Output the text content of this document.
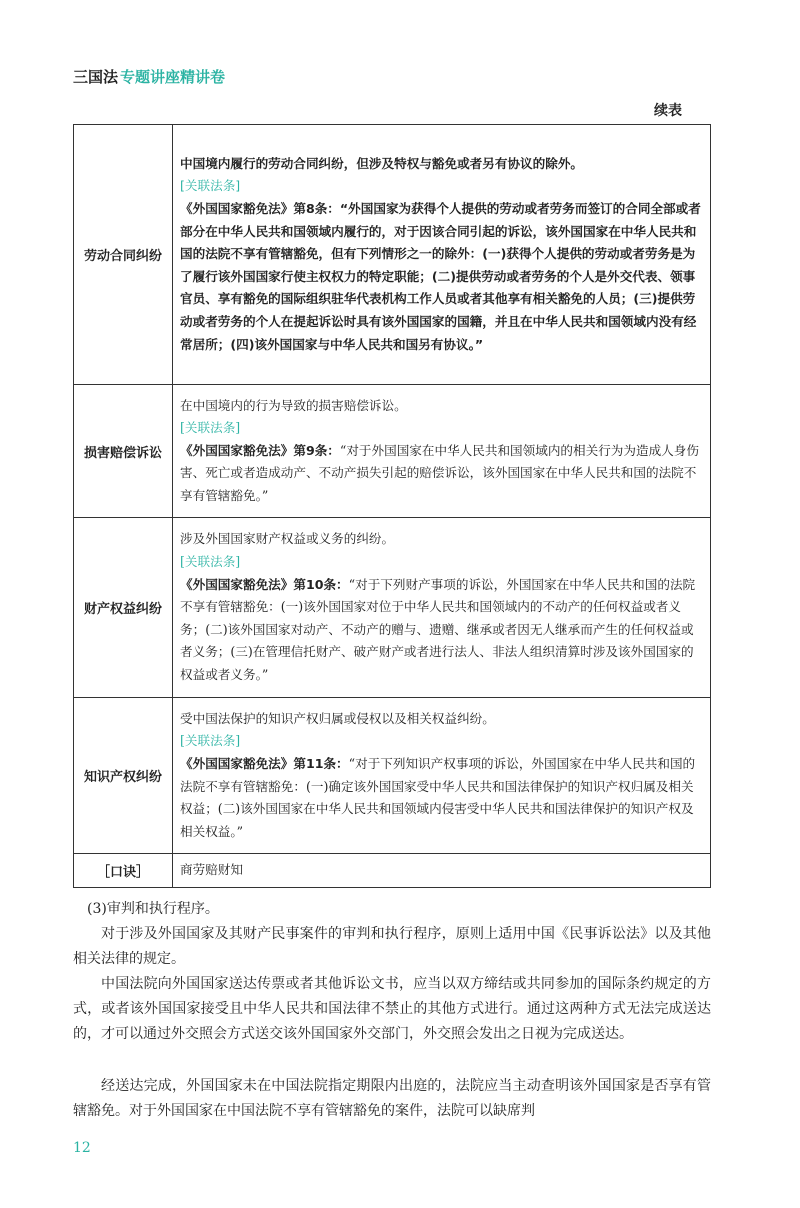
三国法 专题讲座精讲卷
续表
劳动合同纠纷	中国境内履行的劳动合同纠纷，但涉及特权与豁免或者另有协议的除外。
[关联法条]
《外国国家豁免法》第8条：“外国国家为获得个人提供的劳动或者劳务而签订的合同全部或者部分在中华人民共和国领域内履行的，对于因该合同引起的诉讼，该外国国家在中华人民共和国的法院不享有管辖豁免，但有下列情形之一的除外：(一)获得个人提供的劳动或者劳务是为了履行该外国国家行使主权权力的特定职能；(二)提供劳动或者劳务的个人是外交代表、领事官员、享有豁免的国际组织驻华代表机构工作人员或者其他享有相关豁免的人员；(三)提供劳动或者劳务的个人在提起诉讼时具有该外国国家的国籍，并且在中华人民共和国领域内没有经常居所；(四)该外国国家与中华人民共和国另有协议。”

损害赔偿诉讼	在中国境内的行为导致的损害赔偿诉讼。
[关联法条]
《外国国家豁免法》第9条：“对于外国国家在中华人民共和国领域内的相关行为为造成人身伤害、死亡或者造成动产、不动产损失引起的赔偿诉讼，该外国国家在中华人民共和国的法院不享有管辖豁免。”

财产权益纠纷	涉及外国国家财产权益或义务的纠纷。
[关联法条]
《外国国家豁免法》第10条：“对于下列财产事项的诉讼，外国国家在中华人民共和国的法院不享有管辖豁免：(一)该外国国家对位于中华人民共和国领域内的不动产的任何权益或者义务；(二)该外国国家对动产、不动产的赠与、遗赠、继承或者因无人继承而产生的任何权益或者义务；(三)在管理信托财产、破产财产或者进行法人、非法人组织清算时涉及该外国国家的权益或者义务。”

知识产权纠纷	受中国法保护的知识产权归属或侵权以及相关权益纠纷。
[关联法条]
《外国国家豁免法》第11条：“对于下列知识产权事项的诉讼，外国国家在中华人民共和国的法院不享有管辖豁免：(一)确定该外国国家受中华人民共和国法律保护的知识产权归属及相关权益；(二)该外国国家在中华人民共和国领域内侵害受中华人民共和国法律保护的知识产权及相关权益。”

［口诀］	商劳赔财知
(3)审判和执行程序。
对于涉及外国国家及其财产民事案件的审判和执行程序，原则上适用中国《民事诉讼法》以及其他相关法律的规定。
中国法院向外国国家送达传票或者其他诉讼文书，应当以双方缔结或共同参加的国际条约规定的方式，或者该外国国家接受且中华人民共和国法律不禁止的其他方式进行。通过这两种方式无法完成送达的，才可以通过外交照会方式送交该外国国家外交部门，外交照会发出之日视为完成送达。
经送达完成，外国国家未在中国法院指定期限内出庭的，法院应当主动查明该外国国家是否享有管辖豁免。对于外国国家在中国法院不享有管辖豁免的案件，法院可以缺席判
12
